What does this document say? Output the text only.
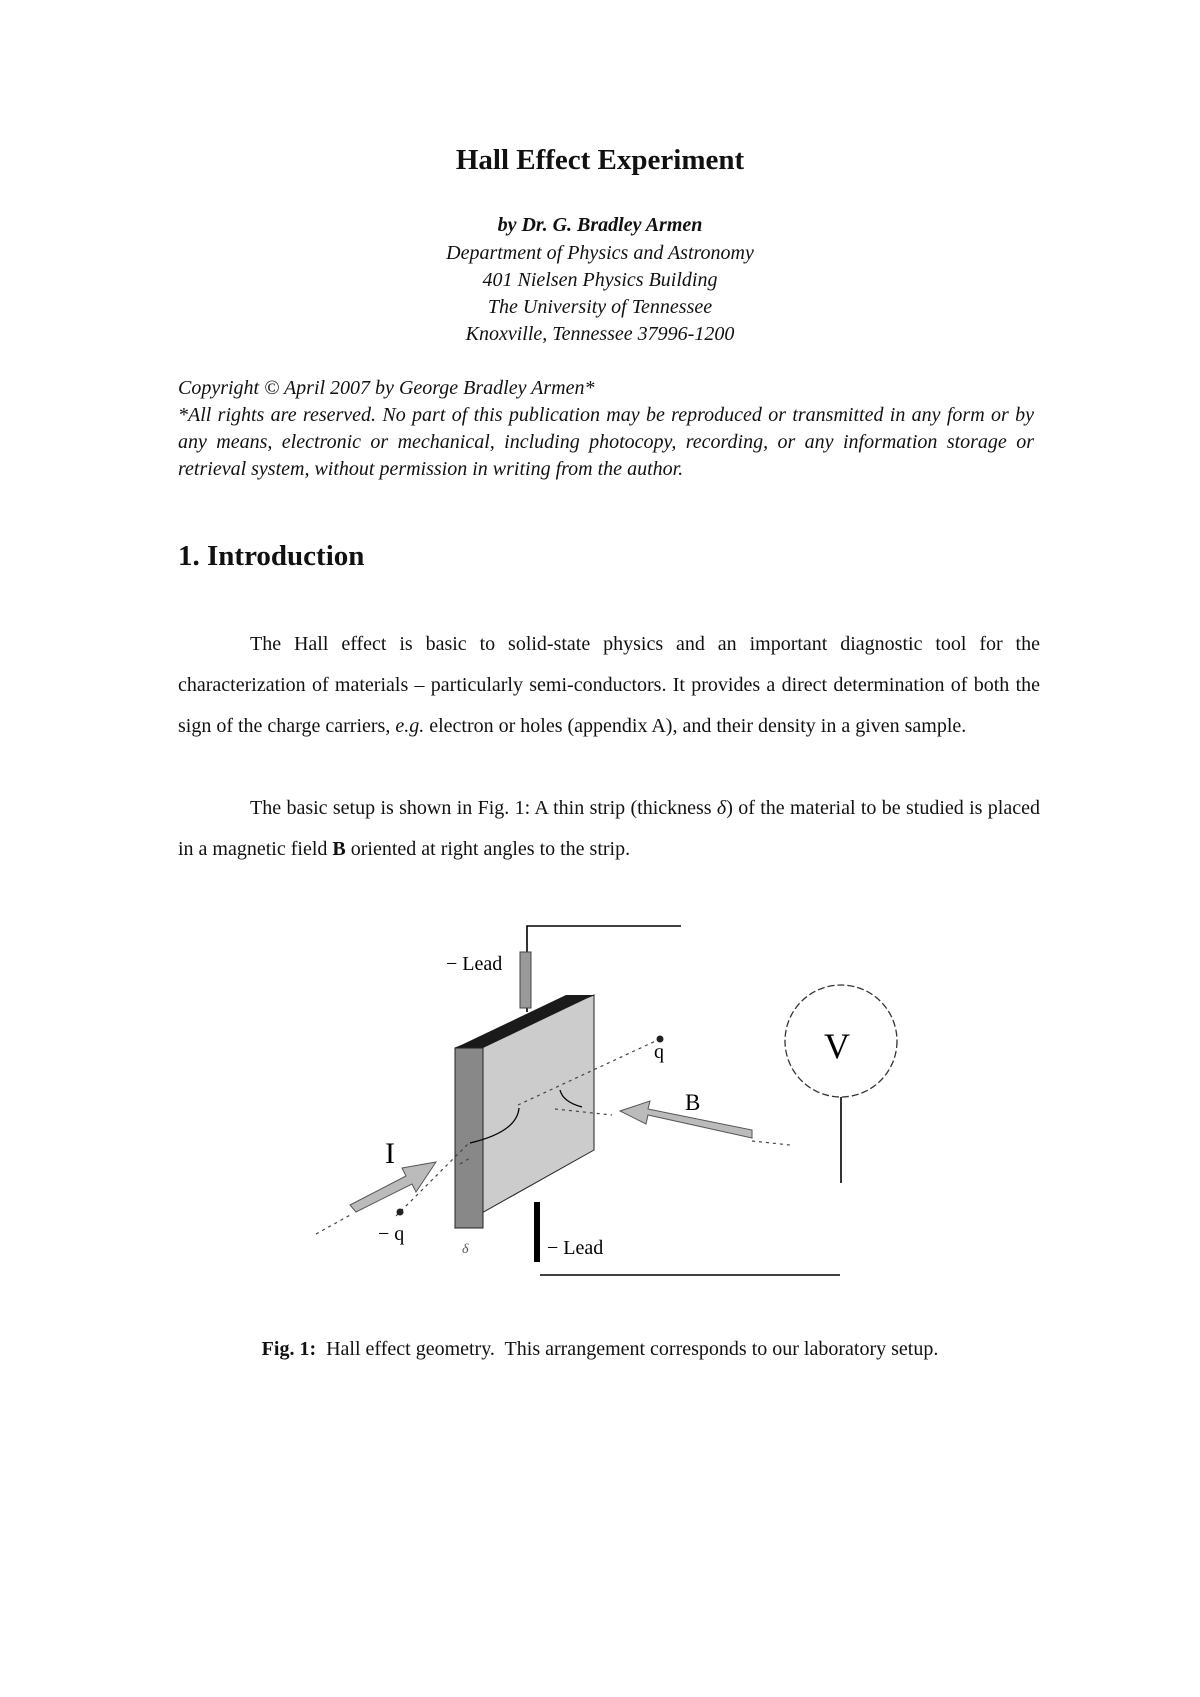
Hall Effect Experiment
by Dr. G. Bradley Armen
Department of Physics and Astronomy
401 Nielsen Physics Building
The University of Tennessee
Knoxville, Tennessee 37996-1200
Copyright © April 2007 by George Bradley Armen*
*All rights are reserved. No part of this publication may be reproduced or transmitted in any form or by any means, electronic or mechanical, including photocopy, recording, or any information storage or retrieval system, without permission in writing from the author.
1. Introduction
The Hall effect is basic to solid-state physics and an important diagnostic tool for the characterization of materials – particularly semi-conductors. It provides a direct determination of both the sign of the charge carriers, e.g. electron or holes (appendix A), and their density in a given sample.
The basic setup is shown in Fig. 1: A thin strip (thickness δ) of the material to be studied is placed in a magnetic field B oriented at right angles to the strip.
− Lead
q
B
V
I
− q
δ	− Lead
Fig. 1:  Hall effect geometry.  This arrangement corresponds to our laboratory setup.
